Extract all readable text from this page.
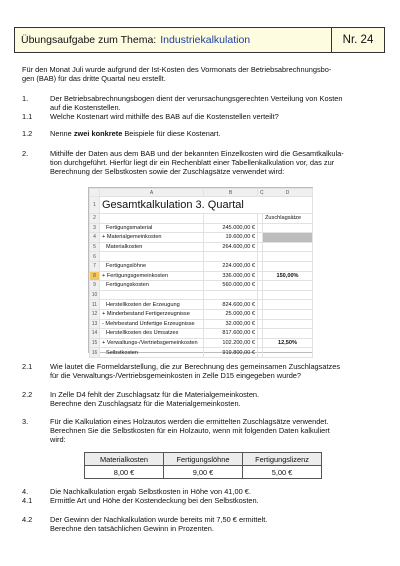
Übungsaufgabe zum Thema: Industriekalkulation	Nr. 24
Für den Monat Juli wurde aufgrund der Ist-Kosten des Vormonats der Betriebsabrechnungsbo-
gen (BAB) für das dritte Quartal neu erstellt.
1.	Der Betriebsabrechnungsbogen dient der verursachungsgerechten Verteilung von Kosten
auf die Kostenstellen.
1.1 Welche Kostenart wird mithilfe des BAB auf die Kostenstellen verteilt?
1.2 Nenne zwei konkrete Beispiele für diese Kostenart.
2.	Mithilfe der Daten aus dem BAB und der bekannten Einzelkosten wird die Gesamtkalkula-
tion durchgeführt. Hierfür liegt dir ein Rechenblatt einer Tabellenkalkulation vor, das zur
Berechnung der Selbstkosten sowie der Zuschlagsätze verwendet wird:
	A	B	C	D
1	Gesamtkalkulation 3. Quartal			
2				Zuschlagsätze
3	Fertigungsmaterial	245.000,00 €		
4	+ Materialgemeinkosten	19.600,00 €		
5	Materialkosten	264.600,00 €		
6				
7	Fertigungslöhne	224.000,00 €		
8	+ Fertigungsgemeinkosten	336.000,00 €		150,00%
9	Fertigungskosten	560.000,00 €		
10				
11	Herstellkosten der Erzeugung	824.600,00 €		
12	+ Minderbestand Fertigerzeugnisse	25.000,00 €		
13	- Mehrbestand Unfertige Erzeugnisse	32.000,00 €		
14	Herstellkosten des Umsatzes	817.600,00 €		
15	+ Verwaltungs-/Vertriebsgemeinkosten	102.200,00 €		12,50%
16	Selbstkosten	919.800,00 €		
2.1 Wie lautet die Formeldarstellung, die zur Berechnung des gemeinsamen Zuschlagsatzes
für die Verwaltungs-/Vertriebsgemeinkosten in Zelle D15 eingegeben wurde?
2.2 In Zelle D4 fehlt der Zuschlagsatz für die Materialgemeinkosten.
Berechne den Zuschlagsatz für die Materialgemeinkosten.
3.	Für die Kalkulation eines Holzautos werden die ermittelten Zuschlagsätze verwendet.
Berechnen Sie die Selbstkosten für ein Holzauto, wenn mit folgenden Daten kalkuliert
wird:
Materialkosten	Fertigungslöhne	Fertigungslizenz
8,00 €	9,00 €	5,00 €
4.	Die Nachkalkulation ergab Selbstkosten in Höhe von 41,00 €.
4.1 Ermittle Art und Höhe der Kostendeckung bei den Selbstkosten.
4.2 Der Gewinn der Nachkalkulation wurde bereits mit 7,50 € ermittelt.
Berechne den tatsächlichen Gewinn in Prozenten.
